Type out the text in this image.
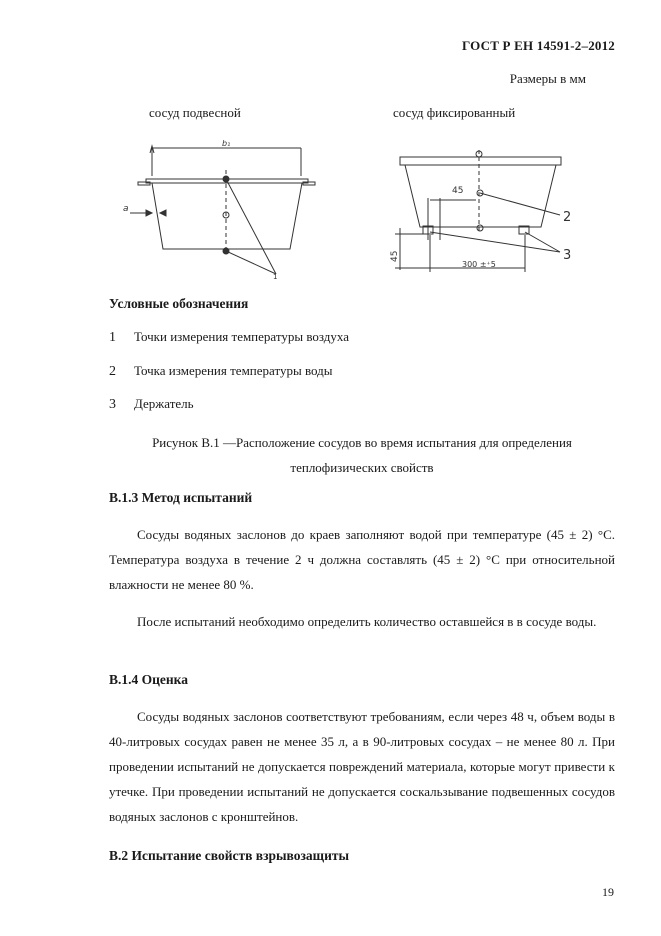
ГОСТ Р ЕН 14591-2–2012
Размеры в мм
сосуд подвесной	сосуд фиксированный
b₁
a
1
45
2
3
45
300 ±⁺5
Условные обозначения
1 Точки измерения температуры воздуха
2 Точка измерения температуры воды
3 Держатель
Рисунок В.1 —Расположение сосудов во время испытания для определения теплофизических свойств
В.1.3 Метод испытаний
Сосуды водяных заслонов до краев заполняют водой при температуре (45 ± 2) °С. Температура воздуха в течение 2 ч должна составлять (45 ± 2) °С при относительной влажности не менее 80 %.
После испытаний необходимо определить количество оставшейся в в сосуде воды.
В.1.4 Оценка
Сосуды водяных заслонов соответствуют требованиям, если через 48 ч, объем воды в 40-литровых сосудах равен не менее 35 л, а в 90-литровых сосудах – не менее 80 л. При проведении испытаний не допускается повреждений материала, которые могут привести к утечке. При проведении испытаний не допускается соскальзывание подвешенных сосудов водяных заслонов с кронштейнов.
В.2 Испытание свойств взрывозащиты
19
